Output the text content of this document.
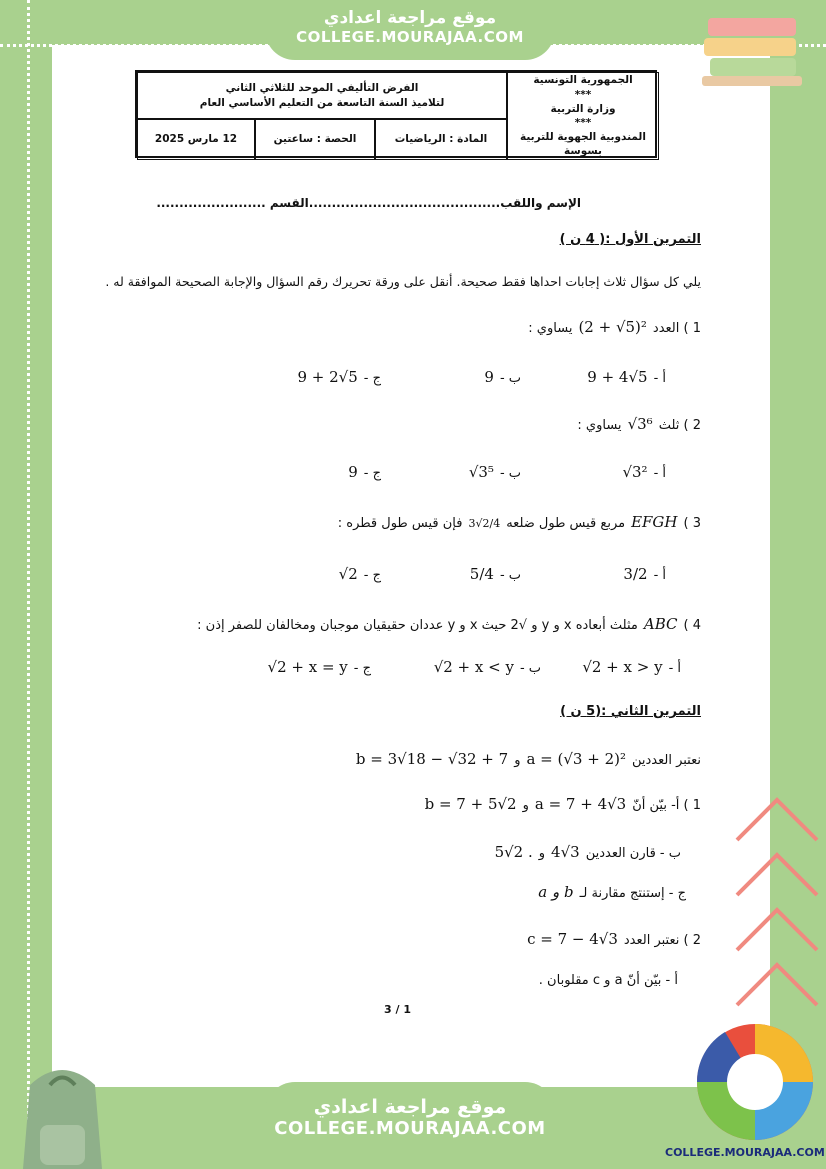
موقع مراجعة اعدادي
COLLEGE.MOURAJAA.COM
الفرض التأليفي الموحد للثلاثي الثاني
لتلاميذ السنة التاسعة من التعليم الأساسي العام
الجمهورية التونسية
***
وزارة التربية
***
المندوبية الجهوية للتربية بسوسة
12 مارس 2025	الحصة : ساعتين	المادة : الرياضيات
الإسم واللقب..........................................القسم ........................
التمرين الأول :( 4 ن )
يلي كل سؤال ثلاث إجابات احداها فقط صحيحة. أنقل على ورقة تحريرك رقم السؤال والإجابة الصحيحة الموافقة له .
1 ) العدد
(2 + √5)²
يساوي :
أ -
9 + 4√5
ب -
9
ج -
9 + 2√5
2 ) ثلث
√3⁶
يساوي :
أ -
√3²
ب -
√3⁵
ج -
9
3 )
EFGH
مربع قيس طول ضلعه
3√2/4
فإن قيس طول قطره :
أ -
3/2
ب -
5/4
ج -
√2
4 )
ABC
مثلث أبعاده x و y و √2 حيث x و y عددان حقيقيان موجبان ومخالفان للصفر إذن :
أ -
√2 + x > y
ب -
√2 + x < y
ج -
√2 + x = y
التمرين الثاني :(5 ن )
نعتبر العددين
a = (√3 + 2)²
و
b = 3√18 − √32 + 7
1 ) أ- بيّن أنّ
a = 7 + 4√3
و
b = 7 + 5√2
ب - قارن العددين
4√3
و
5√2 .
ج - إستنتج مقارنة لـ
a و b
2 ) نعتبر العدد
c = 7 − 4√3
أ - بيّن أنّ a و c مقلوبان .
1 / 3
COLLEGE.MOURAJAA.COM
موقع مراجعة اعدادي
COLLEGE.MOURAJAA.COM
